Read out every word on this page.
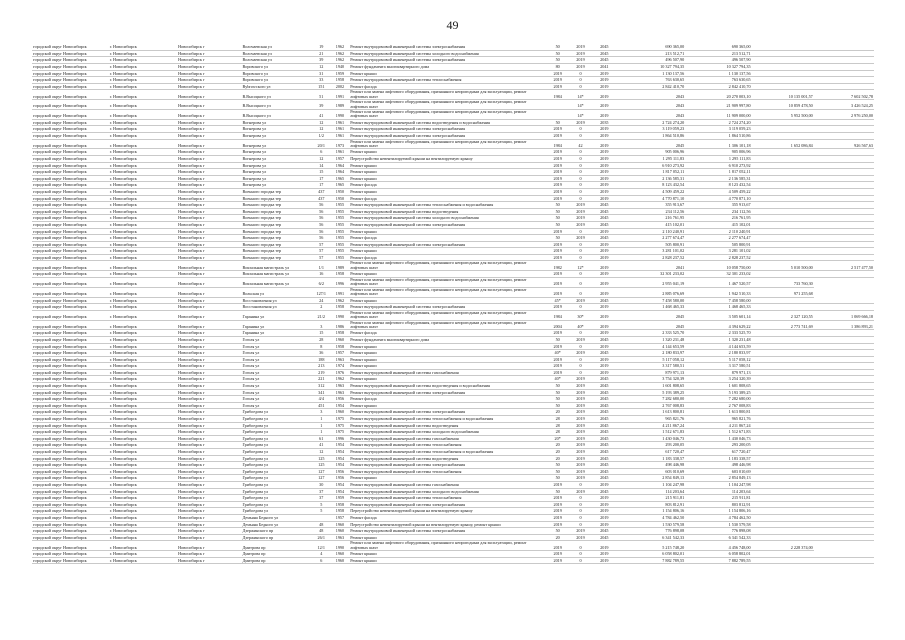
49
городской округ Новосибирск	г. Новосибирск	Новосибирск г	Волочаевская ул	19	1962	Ремонт внутридомовой инженерной системы электроснабжения	50	2019	2045	690 365,00	690 365,00		
городской округ Новосибирск	г. Новосибирск	Новосибирск г	Волочаевская ул	21	1962	Ремонт внутридомовой инженерной системы холодного водоснабжения	50	2019	2045	213 512,71	213 512,71		
городской округ Новосибирск	г. Новосибирск	Новосибирск г	Волочаевская ул	39	1962	Ремонт внутридомовой инженерной системы электроснабжения	50	2019	2045	496 507,90	496 507,90		
городской округ Новосибирск	г. Новосибирск	Новосибирск г	Воровского ул	12	1940	Ремонт фундамента многоквартирного дома	80	2019	2041	10 327 794,35	10 327 794,35		
городской округ Новосибирск	г. Новосибирск	Новосибирск г	Воровского ул	31	1959	Ремонт крыши	2019	0	2019	1 130 137,56	1 130 137,56		
городской округ Новосибирск	г. Новосибирск	Новосибирск г	Воровского ул	33	1958	Ремонт внутридомовой инженерной системы теплоснабжения	2019	0	2019	763 630,65	763 630,65		
городской округ Новосибирск	г. Новосибирск	Новосибирск г	Вybrowского ул	151	2002	Ремонт фасада	2019	0	2019	2 842 410,70	2 842 410,70		
городской округ Новосибирск	г. Новосибирск	Новосибирск г	В.Высоцкого ул	51	1991	Ремонт или замена лифтового оборудования, признанного непригодным для эксплуатации, ремонт лифтовых шахт	1984	14*	2019	2043	20 270 003,10	10 135 001,57	7 602 502,78
городской округ Новосибирск	г. Новосибирск	Новосибирск г	В.Высоцкого ул	39	1989	Ремонт или замена лифтового оборудования, признанного непригодным для эксплуатации, ремонт лифтовых шахт		14*	2019	2043	21 909 997,80	10 859 478,50	3 426 524,25
городской округ Новосибирск	г. Новосибирск	Новосибирск г	В.Высоцкого ул	41	1990	Ремонт или замена лифтового оборудования, признанного непригодным для эксплуатации, ремонт лифтовых шахт		14*	2019	2043	11 909 000,00	5 952 500,00	2 976 250,00
городской округ Новосибирск	г. Новосибирск	Новосибирск г	Вогнерова ул	12	1961	Ремонт внутридомовой инженерной системы водоотведения и водоснабжения	50	2019	2035	2 724 274,20	2 724 274,20		
городской округ Новосибирск	г. Новосибирск	Новосибирск г	Вогнерова ул	12	1961	Ремонт внутридомовой инженерной системы электроснабжения	2019	0	2019	3 119 059,23	3 119 059,23		
городской округ Новосибирск	г. Новосибирск	Новосибирск г	Вогнерова ул	1/2	1961	Ремонт внутридомовой инженерной системы электроснабжения	2019	0	2019	1 864 510,86	1 864 510,86		
городской округ Новосибирск	г. Новосибирск	Новосибирск г	Вогнерова ул	20/1	1973	Ремонт или замена лифтового оборудования, признанного непригодным для эксплуатации, ремонт лифтовых шахт	1984	42	2019	2045	1 306 101,18	1 652 086,84	926 567,63
городской округ Новосибирск	г. Новосибирск	Новосибирск г	Вогнерова ул	6	1961	Ремонт крыши	2019	0	2019	905 006,96	905 006,96		
городской округ Новосибирск	г. Новосибирск	Новосибирск г	Вогнерова ул	12	1957	Переустройство невентилируемой крыши на вентилируемую крышу	2019	0	2019	1 295 111,83	1 295 111,83		
городской округ Новосибирск	г. Новосибирск	Новосибирск г	Вогнерова ул	14	1964	Ремонт крыши	2019	0	2019	6 910 273,92	6 910 273,92		
городской округ Новосибирск	г. Новосибирск	Новосибирск г	Вогнерова ул	15	1964	Ремонт крыши	2019	0	2019	1 817 052,11	1 817 052,11		
городской округ Новосибирск	г. Новосибирск	Новосибирск г	Вогнерова ул	17	1965	Ремонт крыши	2019	0	2019	2 136 585,31	2 136 585,31		
городской округ Новосибирск	г. Новосибирск	Новосибирск г	Вогнерова ул	17	1965	Ремонт фасада	2019	0	2019	8 123 432,54	8 123 432,54		
городской округ Новосибирск	г. Новосибирск	Новосибирск г	Военного городка тер	437	1950	Ремонт крыши	2019	0	2019	4 509 459,22	4 509 459,22		
городской округ Новосибирск	г. Новосибирск	Новосибирск г	Военного городка тер	437	1950	Ремонт фасада	2019	0	2019	4 770 871,10	4 770 871,10		
городской округ Новосибирск	г. Новосибирск	Новосибирск г	Военного городка тер	56	1955	Ремонт внутридомовой инженерной системы теплоснабжения и водоснабжения	50	2019	2045	355 913,67	355 913,67		
городской округ Новосибирск	г. Новосибирск	Новосибирск г	Военного городка тер	56	1955	Ремонт внутридомовой инженерной системы водоотведения	50	2019	2045	234 112,56	234 112,56		
городской округ Новосибирск	г. Новосибирск	Новосибирск г	Военного городка тер	56	1955	Ремонт внутридомовой инженерной системы холодного водоснабжения	50	2019	2045	216 761,95	216 761,95		
городской округ Новосибирск	г. Новосибирск	Новосибирск г	Военного городка тер	56	1955	Ремонт внутридомовой инженерной системы электроснабжения	50	2019	2045	415 102,01	415 102,01		
городской округ Новосибирск	г. Новосибирск	Новосибирск г	Военного городка тер	56	1955	Ремонт крыши	2019	0	2019	2 110 240,91	2 110 240,91		
городской округ Новосибирск	г. Новосибирск	Новосибирск г	Военного городка тер	56	1955	Ремонт фасада	50	2019	2045	2 277 674,47	2 277 674,47		
городской округ Новосибирск	г. Новосибирск	Новосибирск г	Военного городка тер	57	1955	Ремонт внутридомовой инженерной системы электроснабжения	2019	0	2019	505 800,91	505 800,91		
городской округ Новосибирск	г. Новосибирск	Новосибирск г	Военного городка тер	57	1955	Ремонт крыши	2019	0	2019	3 281 101,02	3 281 101,02		
городской округ Новосибирск	г. Новосибирск	Новосибирск г	Военного городка тер	57	1955	Ремонт фасада	2019	0	2019	2 828 237,52	2 828 237,52		
городской округ Новосибирск	г. Новосибирск	Новосибирск г	Вокзальная магистраль ул	1/1	1989	Ремонт или замена лифтового оборудования, признанного непригодным для эксплуатации, ремонт лифтовых шахт	1982	12*	2019	2041	10 058 750,00	5 010 500,00	2 517 477,50
городской округ Новосибирск	г. Новосибирск	Новосибирск г	Вокзальная магистраль ул	16	1958	Ремонт крыши	2019	0	2019	32 301 233,02	32 301 233,02		
городской округ Новосибирск	г. Новосибирск	Новосибирск г	Вокзальная магистраль ул	6/2	1996	Ремонт или замена лифтового оборудования, признанного непригодным для эксплуатации, ремонт лифтовых шахт	2019	0	2019	2 955 041,19	1 467 520,57	733 760,30	
городской округ Новосибирск	г. Новосибирск	Новосибирск г	Вольская ул	127/1	1991	Ремонт или замена лифтового оборудования, признанного непригодным для эксплуатации, ремонт лифтовых шахт	2019	0	2019	2 885 076,69	1 942 510,33	971 255,68	
городской округ Новосибирск	г. Новосибирск	Новосибирск г	Восстановления ул	24	1962	Ремонт крыши	45*	2019	2045	7 458 580,00	7 458 580,00		
городской округ Новосибирск	г. Новосибирск	Новосибирск г	Восстановления ул	2	1958	Ремонт внутридомовой инженерной системы электроснабжения	2019	0	2019	1 468 465,33	1 468 465,33		
городской округ Новосибирск	г. Новосибирск	Новосибирск г	Гаранина ул	21/2	1990	Ремонт или замена лифтового оборудования, признанного непригодным для эксплуатации, ремонт лифтовых шахт	1984	30*	2019	2045	3 505 601,14	2 327 120,55	1 069 666,18
городской округ Новосибирск	г. Новосибирск	Новосибирск г	Гаранина ул	3	1986	Ремонт или замена лифтового оборудования, признанного непригодным для эксплуатации, ремонт лифтовых шахт	2004	40*	2019	2045	4 394 629,22	2 773 741,69	1 386 893,21
городской округ Новосибирск	г. Новосибирск	Новосибирск г	Гаранина ул	15	1958	Ремонт фасада	2019	0	2019	2 333 525,70	2 333 525,70		
городской округ Новосибирск	г. Новосибирск	Новосибирск г	Гоголя ул	28	1960	Ремонт фундамента многоквартирного дома	50	2019	2045	1 320 231,48	1 320 231,48		
городской округ Новосибирск	г. Новосибирск	Новосибирск г	Гоголя ул	8	1958	Ремонт крыши	2019	0	2019	4 144 653,59	4 144 653,59		
городской округ Новосибирск	г. Новосибирск	Новосибирск г	Гоголя ул	36	1957	Ремонт крыши	40*	2019	2045	2 180 833,97	2 180 833,97		
городской округ Новосибирск	г. Новосибирск	Новосибирск г	Гоголя ул	188	1963	Ремонт крыши	2019	0	2019	5 117 058,12	5 117 058,12		
городской округ Новосибирск	г. Новосибирск	Новосибирск г	Гоголя ул	213	1974	Ремонт крыши	2019	0	2019	3 317 580,51	3 317 580,51		
городской округ Новосибирск	г. Новосибирск	Новосибирск г	Гоголя ул	219	1976	Ремонт внутридомовой инженерной системы газоснабжения	2019	0	2019	879 971,13	879 971,13		
городской округ Новосибирск	г. Новосибирск	Новосибирск г	Гоголя ул	221	1962	Ремонт крыши	40*	2019	2045	3 754 320,39	3 254 320,39		
городской округ Новосибирск	г. Новосибирск	Новосибирск г	Гоголя ул	312	1963	Ремонт внутридомовой инженерной системы водоотведения и водоснабжения	50	2019	2045	1 601 808,65	1 601 808,65		
городской округ Новосибирск	г. Новосибирск	Новосибирск г	Гоголя ул	341	1963	Ремонт внутридомовой инженерной системы электроснабжения	50	2019	2045	5 193 389,25	5 193 389,25		
городской округ Новосибирск	г. Новосибирск	Новосибирск г	Гоголя ул	4/4	1956	Ремонт фасада	50	2019	2045	7 282 680,00	7 282 680,00		
городской округ Новосибирск	г. Новосибирск	Новосибирск г	Гоголя ул	451	1954	Ремонт крыши	50	2019	2045	2 767 008,83	2 767 008,83		
городской округ Новосибирск	г. Новосибирск	Новосибирск г	Грибоедова ул	3	1960	Ремонт внутридомовой инженерной системы электроснабжения	20	2019	2045	1 613 800,81	1 613 800,81		
городской округ Новосибирск	г. Новосибирск	Новосибирск г	Грибоедова ул	1	1975	Ремонт внутридомовой инженерной системы теплоснабжения и водоснабжения	28	2019	2045	965 821,76	965 821,76		
городской округ Новосибирск	г. Новосибирск	Новосибирск г	Грибоедова ул	1	1975	Ремонт внутридомовой инженерной системы водоотведения	28	2019	2045	4 211 867,24	4 211 867,24		
городской округ Новосибирск	г. Новосибирск	Новосибирск г	Грибоедова ул	1	1975	Ремонт внутридомовой инженерной системы холодного водоснабжения	28	2019	2045	1 512 671,83	1 512 671,83		
городской округ Новосибирск	г. Новосибирск	Новосибирск г	Грибоедова ул	61	1996	Ремонт внутридомовой инженерной системы газоснабжения	20*	2019	2045	1 430 046,73	1 430 046,73		
городской округ Новосибирск	г. Новосибирск	Новосибирск г	Грибоедова ул	41	1954	Ремонт внутридомовой инженерной системы теплоснабжения	20	2019	2045	293 200,05	293 200,05		
городской округ Новосибирск	г. Новосибирск	Новосибирск г	Грибоедова ул	12	1954	Ремонт внутридомовой инженерной системы теплоснабжения и водоснабжения	20	2019	2045	617 720,47	617 720,47		
городской округ Новосибирск	г. Новосибирск	Новосибирск г	Грибоедова ул	125	1954	Ремонт внутридомовой инженерной системы водоотведения	20	2019	2045	1 183 338,57	1 183 338,57		
городской округ Новосибирск	г. Новосибирск	Новосибирск г	Грибоедова ул	125	1954	Ремонт внутридомовой инженерной системы электроснабжения	50	2019	2045	498 446,98	498 446,98		
городской округ Новосибирск	г. Новосибирск	Новосибирск г	Грибоедова ул	127	1956	Ремонт внутридомовой инженерной системы теплоснабжения	50	2019	2045	603 010,69	603 010,69		
городской округ Новосибирск	г. Новосибирск	Новосибирск г	Грибоедова ул	127	1956	Ремонт крыши	50	2019	2045	2 854 849,13	2 854 849,13		
городской округ Новосибирск	г. Новосибирск	Новосибирск г	Грибоедова ул	30	1954	Ремонт внутридомовой инженерной системы газоснабжения	2019	0	2019	1 104 247,98	1 104 247,98		
городской округ Новосибирск	г. Новосибирск	Новосибирск г	Грибоедова ул	37	1954	Ремонт внутридомовой инженерной системы холодного водоснабжения	50	2019	2045	114 203,64	114 203,64		
городской округ Новосибирск	г. Новосибирск	Новосибирск г	Грибоедова ул	37	1959	Ремонт внутридомовой инженерной системы теплоснабжения	2019	0	2019	215 911,81	215 911,81		
городской округ Новосибирск	г. Новосибирск	Новосибирск г	Грибоедова ул	5	1958	Ремонт внутридомовой инженерной системы электроснабжения	2019	0	2019	803 812,91	803 812,91		
городской округ Новосибирск	г. Новосибирск	Новосибирск г	Грибоедова ул	5	1958	Переустройство невентилируемой крыши на вентилируемую крышу	2019	0	2019	1 154 806,16	1 154 806,16		
городской округ Новосибирск	г. Новосибирск	Новосибирск г	Демьяна Бедного ул		1957	Ремонт фасада	2019	0	2019	4 784 462,50	4 784 462,50		
городской округ Новосибирск	г. Новосибирск	Новосибирск г	Демьяна Бедного ул	48	1960	Переустройство невентилируемой крыши на вентилируемую крышу, ремонт крыши	2019	0	2019	1 530 579,58	1 530 579,58		
городской округ Новосибирск	г. Новосибирск	Новосибирск г	Дзержинского пр	48	1960	Ремонт внутридомовой инженерной системы электроснабжения	50	2019	2045	776 898,08	776 898,08		
городской округ Новосибирск	г. Новосибирск	Новосибирск г	Дзержинского пр	26/1	1963	Ремонт крыши	20	2019	2045	6 341 542,33	6 341 542,33		
городской округ Новосибирск	г. Новосибирск	Новосибирск г	Дмитрова пр	12/1	1990	Ремонт или замена лифтового оборудования, признанного непригодным для эксплуатации, ремонт лифтовых шахт	2019	0	2019	5 215 748,20	4 456 748,00	2 228 374,00	
городской округ Новосибирск	г. Новосибирск	Новосибирск г	Дмитрова пр	4	1960	Ремонт крыши	2019	0	2019	6 058 802,01	6 058 802,01		
городской округ Новосибирск	г. Новосибирск	Новосибирск г	Дмитрова пр	6	1960	Ремонт крыши	2019	0	2019	7 882 789,55	7 882 789,55		
